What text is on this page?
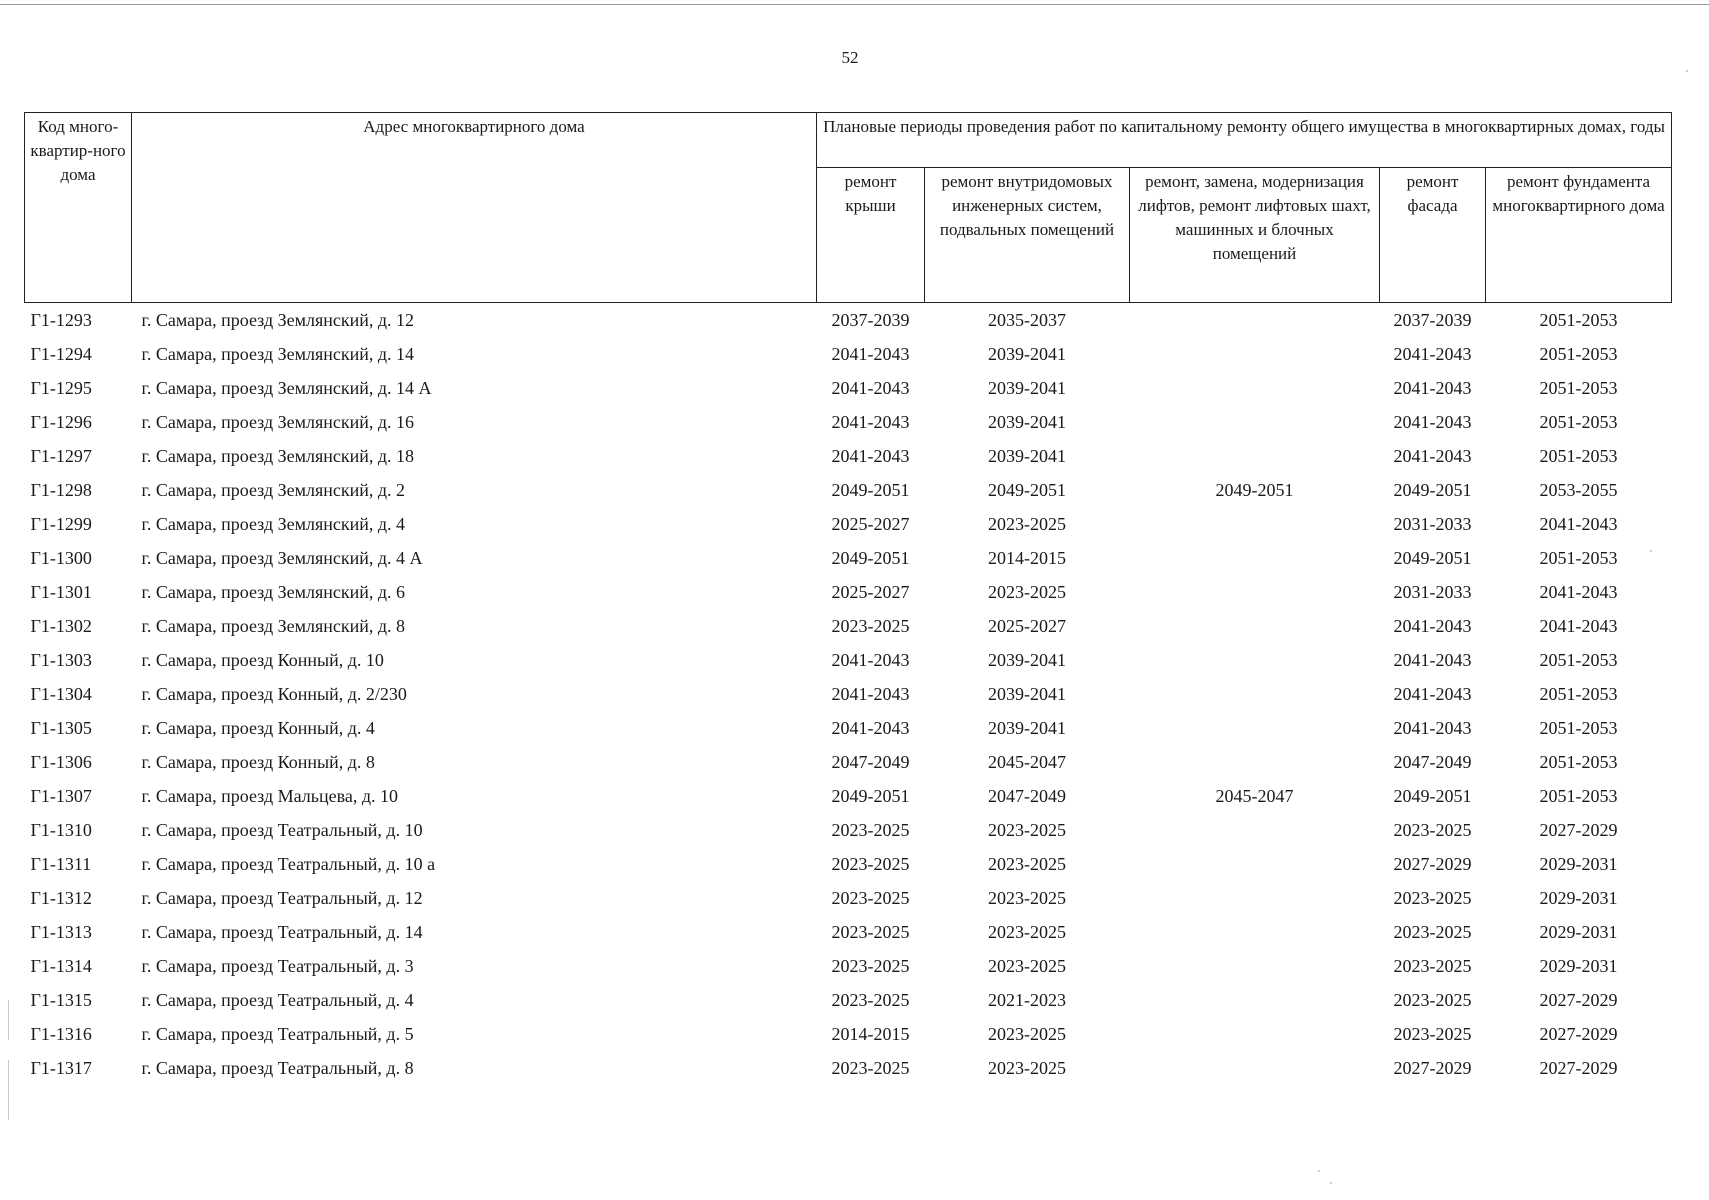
52
Код много-квартир-ного дома	Адрес многоквартирного дома	Плановые периоды проведения работ по капитальному ремонту общего имущества в многоквартирных домах, годы				
		ремонт крыши	ремонт внутридомовых инженерных систем, подвальных помещений	ремонт, замена, модернизация лифтов, ремонт лифтовых шахт, машинных и блочных помещений	ремонт фасада	ремонт фундамента многоквартирного дома
Г1-1293	г. Самара, проезд Землянский, д. 12	2037-2039	2035-2037		2037-2039	2051-2053
Г1-1294	г. Самара, проезд Землянский, д. 14	2041-2043	2039-2041		2041-2043	2051-2053
Г1-1295	г. Самара, проезд Землянский, д. 14 А	2041-2043	2039-2041		2041-2043	2051-2053
Г1-1296	г. Самара, проезд Землянский, д. 16	2041-2043	2039-2041		2041-2043	2051-2053
Г1-1297	г. Самара, проезд Землянский, д. 18	2041-2043	2039-2041		2041-2043	2051-2053
Г1-1298	г. Самара, проезд Землянский, д. 2	2049-2051	2049-2051	2049-2051	2049-2051	2053-2055
Г1-1299	г. Самара, проезд Землянский, д. 4	2025-2027	2023-2025		2031-2033	2041-2043
Г1-1300	г. Самара, проезд Землянский, д. 4 А	2049-2051	2014-2015		2049-2051	2051-2053
Г1-1301	г. Самара, проезд Землянский, д. 6	2025-2027	2023-2025		2031-2033	2041-2043
Г1-1302	г. Самара, проезд Землянский, д. 8	2023-2025	2025-2027		2041-2043	2041-2043
Г1-1303	г. Самара, проезд Конный, д. 10	2041-2043	2039-2041		2041-2043	2051-2053
Г1-1304	г. Самара, проезд Конный, д. 2/230	2041-2043	2039-2041		2041-2043	2051-2053
Г1-1305	г. Самара, проезд Конный, д. 4	2041-2043	2039-2041		2041-2043	2051-2053
Г1-1306	г. Самара, проезд Конный, д. 8	2047-2049	2045-2047		2047-2049	2051-2053
Г1-1307	г. Самара, проезд Мальцева, д. 10	2049-2051	2047-2049	2045-2047	2049-2051	2051-2053
Г1-1310	г. Самара, проезд Театральный, д. 10	2023-2025	2023-2025		2023-2025	2027-2029
Г1-1311	г. Самара, проезд Театральный, д. 10 а	2023-2025	2023-2025		2027-2029	2029-2031
Г1-1312	г. Самара, проезд Театральный, д. 12	2023-2025	2023-2025		2023-2025	2029-2031
Г1-1313	г. Самара, проезд Театральный, д. 14	2023-2025	2023-2025		2023-2025	2029-2031
Г1-1314	г. Самара, проезд Театральный, д. 3	2023-2025	2023-2025		2023-2025	2029-2031
Г1-1315	г. Самара, проезд Театральный, д. 4	2023-2025	2021-2023		2023-2025	2027-2029
Г1-1316	г. Самара, проезд Театральный, д. 5	2014-2015	2023-2025		2023-2025	2027-2029
Г1-1317	г. Самара, проезд Театральный, д. 8	2023-2025	2023-2025		2027-2029	2027-2029
